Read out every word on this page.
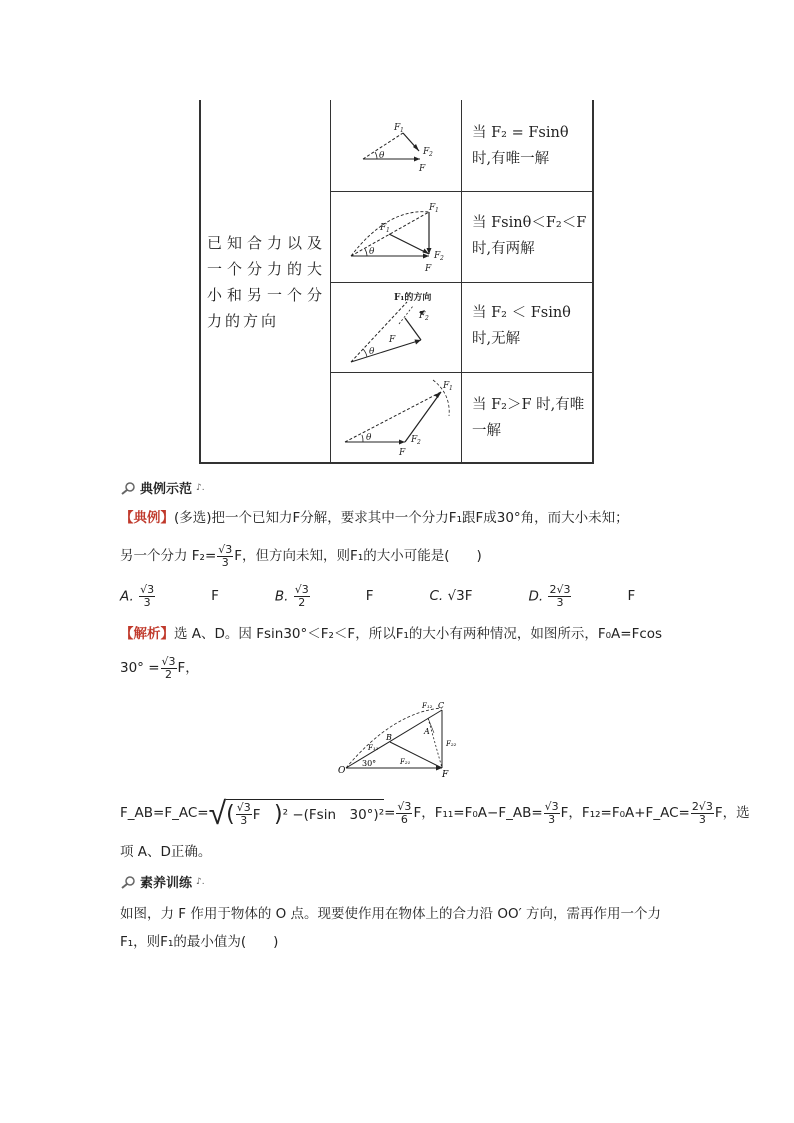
已知合力以及一个分力的大小和另一个分力的方向
当 F₂ = Fsinθ 时,有唯一解
当 Fsinθ＜F₂＜F 时,有两解
当 F₂ ＜ Fsinθ 时,无解
当 F₂＞F 时,有唯一解
θ
F 1
F 2
F
θ
F 1
F 1
F 2
F
θ
F₁的方向
F 2
F
θ
F 1
F 2
F
典例示范 ♪.
【典例】(多选)把一个已知力F分解，要求其中一个分力F₁跟F成30°角，而大小未知；
另一个分力 $F_2= \frac{√3}{3}$ F，但方向未知，则F₁的大小可能是(　　)
A. $\frac{√3}{3}$ F	B. $\frac{√3}{2}$ F	C. √3F	D. $\frac{2√3}{3}$ F
【解析】选 A、D。因 Fsin30°＜F₂＜F，所以F₁的大小有两种情况，如图所示，F₀A=Fcos
$30^\circ = \frac{√3}{2}$ F，
O	F
B
A
C
F₁₂
F₁₁
F₂₁
F₂₂
30°
F_AB=F_AC= √ ( $\frac{√3}{3}$ F　 ) ² −(Fsin　$30^\circ)^2 = \frac{√3}{6}$ F，F₁₁=F₀A−F_AB= $\frac{√3}{3}$ F，F₁₂=F₀A+F_AC= $\frac{2√3}{3}$ F，选
项 A、D正确。
素养训练 ♪.
如图，力 F 作用于物体的 O 点。现要使作用在物体上的合力沿 OO′ 方向，需再作用一个力
F₁，则F₁的最小值为(　　)
